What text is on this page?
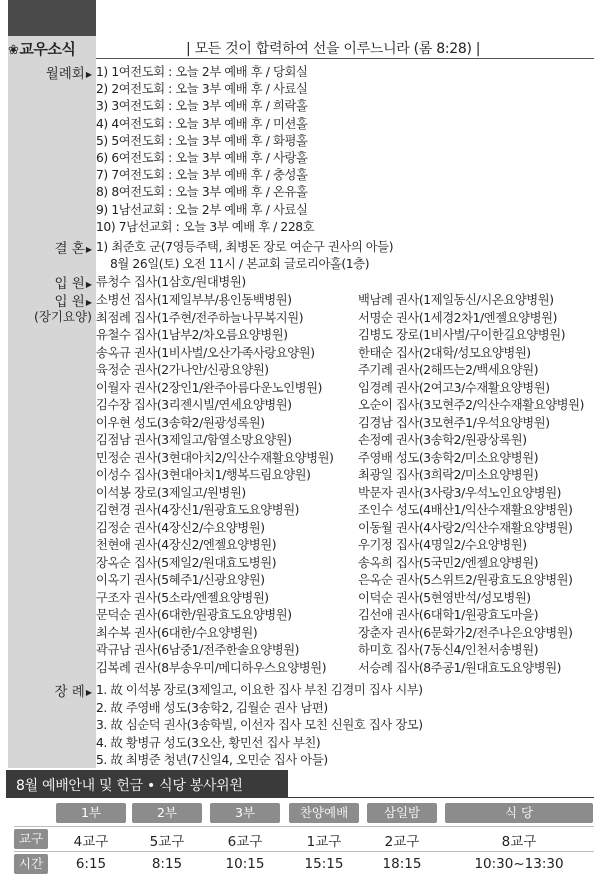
❀교우소식	| 모든 것이 합력하여 선을 이루느니라 (롬 8:28) |
월례회▶ 1) 1여전도회 : 오늘 2부 예배 후 / 당회실
2) 2여전도회 : 오늘 3부 예배 후 / 사료실
3) 3여전도회 : 오늘 3부 예배 후 / 희락홀
4) 4여전도회 : 오늘 3부 예배 후 / 미션홀
5) 5여전도회 : 오늘 3부 예배 후 / 화평홀
6) 6여전도회 : 오늘 3부 예배 후 / 사랑홀
7) 7여전도회 : 오늘 3부 예배 후 / 충성홀
8) 8여전도회 : 오늘 3부 예배 후 / 온유홀
9) 1남선교회 : 오늘 2부 예배 후 / 사료실
10) 7남선교회 : 오늘 3부 예배 후 / 228호
결 혼▶ 1) 최준호 군(7영등주택, 최병돈 장로 여순구 권사의 아들)
8월 26일(토) 오전 11시 / 본교회 글로리아홀(1층)
입 원▶ 류청수 집사(1삼호/원대병원)
입 원▶
(장기요양)
소병선 집사(1제일부부/용인동백병원)
최점례 집사(1주현/전주하늘나무복지원)
유철수 집사(1남부2/차오름요양병원)
송옥규 권사(1비사벌/오산가족사랑요양원)
육정순 권사(2가나안/신광요양원)
이월자 권사(2장인1/완주아름다운노인병원)
김수장 집사(3리젠시빌/연세요양병원)
이우현 성도(3송학2/원광성록원)
김점남 권사(3제일고/함열소망요양원)
민정순 권사(3현대아치2/익산수재활요양병원)
이성수 집사(3현대아치1/행복드림요양원)
이석봉 장로(3제일고/원병원)
김현경 권사(4장신1/원광효도요양병원)
김정순 권사(4장신2/수요양병원)
천현애 권사(4장신2/엔젤요양병원)
장옥순 집사(5제일2/원대효도병원)
이옥기 권사(5혜주1/신광요양원)
구조자 권사(5소라/엔젤요양병원)
문덕순 권사(6대한/원광효도요양병원)
최수복 권사(6대한/수요양병원)
곽규남 권사(6남중1/전주한솔요양병원)
김복례 권사(8부송우미/메디하우스요양병원)
백남례 권사(1제일동신/시온요양병원)
서명순 권사(1세경2차1/엔젤요양병원)
김병도 장로(1비사벌/구이한길요양병원)
한태순 집사(2대학/성모요양병원)
주기례 권사(2해뜨는2/백세요양원)
임경례 권사(2여고3/수재활요양병원)
오순이 집사(3모현주2/익산수재활요양병원)
김경남 집사(3모현주1/우석요양병원)
손정예 권사(3송학2/원광상록원)
주영배 성도(3송학2/미소요양병원)
최광일 집사(3희락2/미소요양병원)
박문자 권사(3사랑3/우석노인요양병원)
조인수 성도(4배산1/익산수재활요양병원)
이동월 권사(4사랑2/익산수재활요양병원)
우기정 집사(4명일2/수요양병원)
송옥희 집사(5국민2/엔젤요양병원)
은옥순 권사(5스위트2/원광효도요양병원)
이덕순 권사(5현영반석/성모병원)
김선애 권사(6대학1/원광효도마을)
장춘자 권사(6문화가2/전주나은요양병원)
하미호 집사(7동신4/인천서송병원)
서승례 집사(8주공1/원대효도요양병원)
장 례▶ 1. 故 이석봉 장로(3제일고, 이요한 집사 부친 김경미 집사 시부)
2. 故 주영배 성도(3송학2, 김월순 권사 남편)
3. 故 심순덕 권사(3송학빌, 이선자 집사 모친 신원호 집사 장모)
4. 故 황병규 성도(3오산, 황민선 집사 부친)
5. 故 최병준 청년(7신일4, 오민순 집사 아들)
8월 예배안내 및 헌금 • 식당 봉사위원
1부
4교구
6:15
2부
5교구
8:15
3부
6교구
10:15
찬양예배
1교구
15:15
삼일밤
2교구
18:15
식 당
8교구
10:30~13:30
교구
시간
